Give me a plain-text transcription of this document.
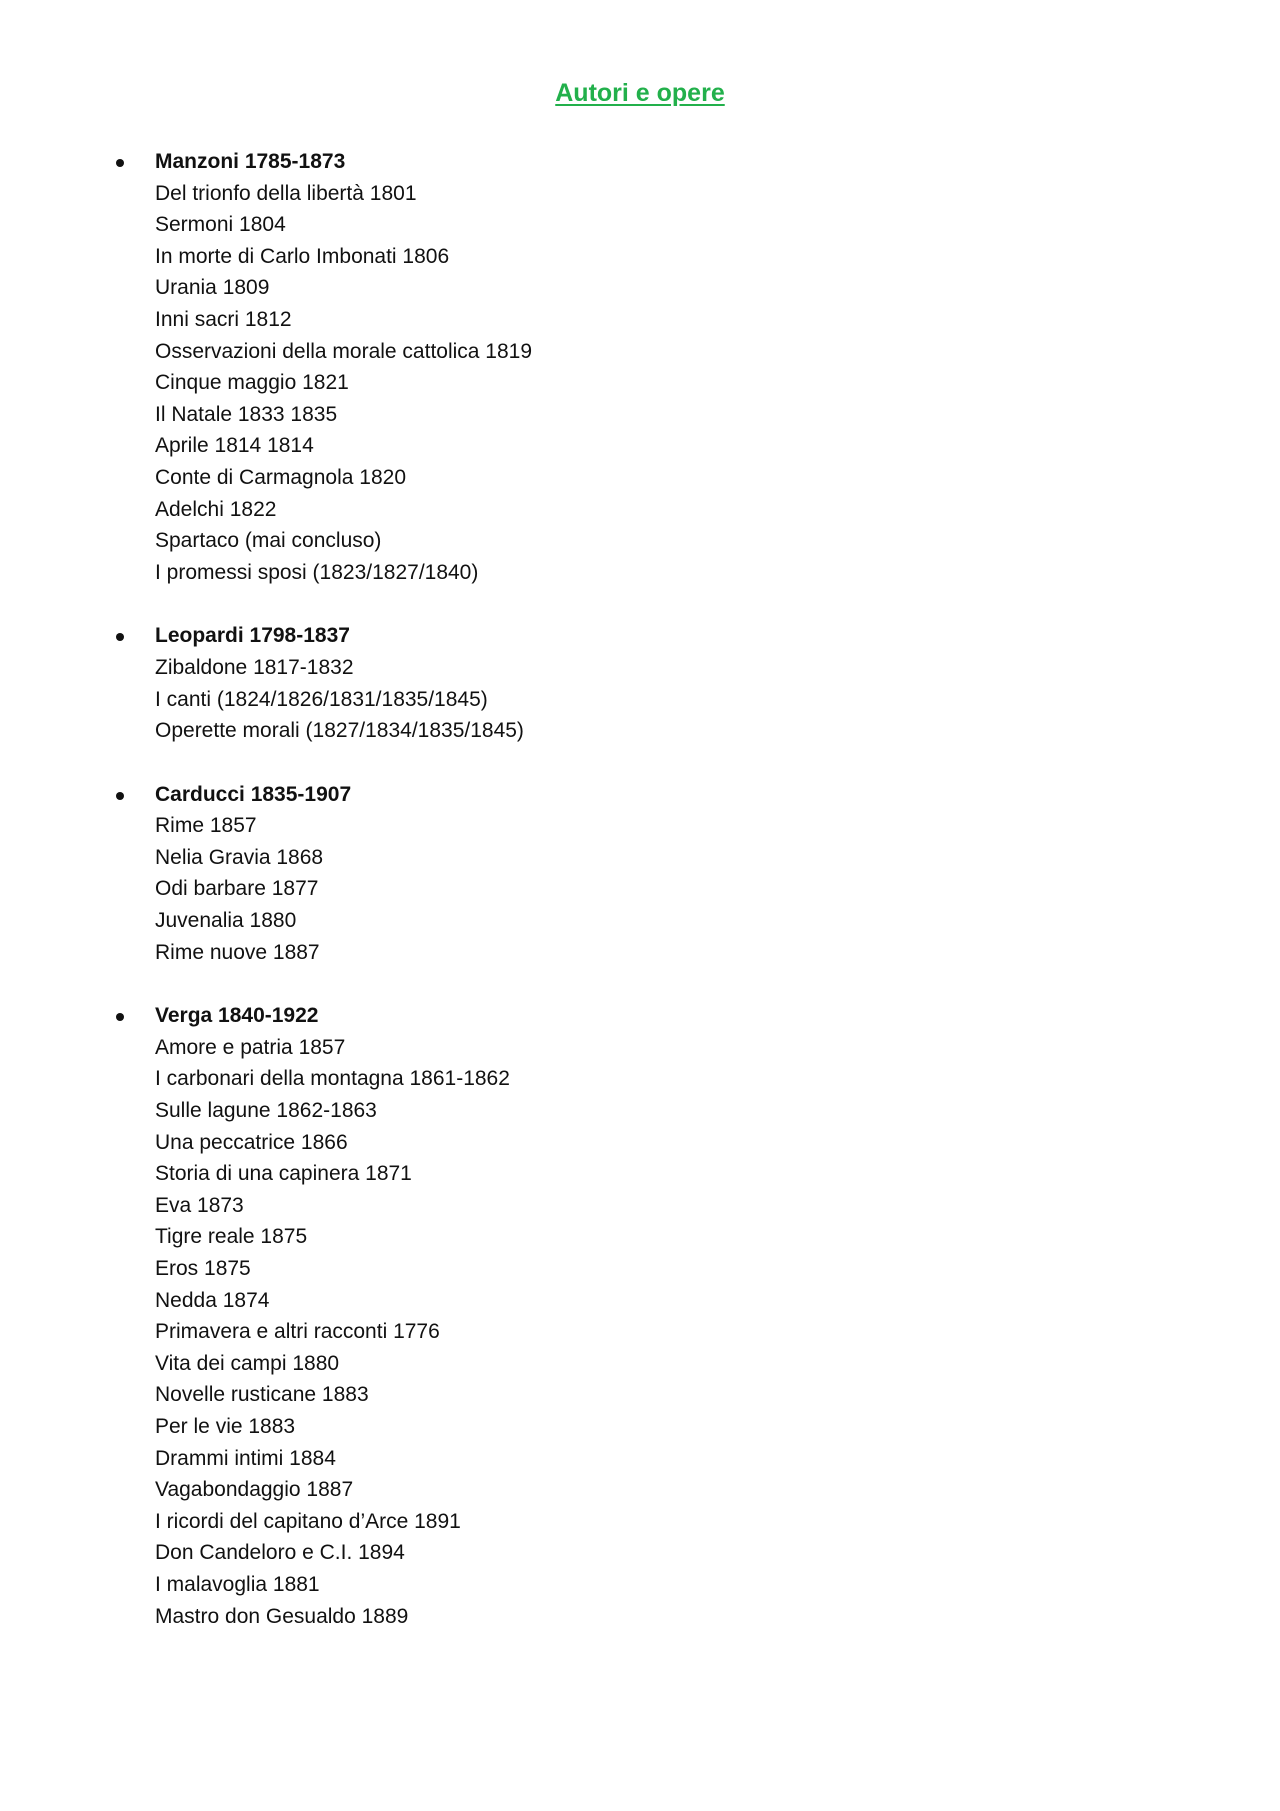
Autori e opere
Manzoni 1785-1873
Del trionfo della libertà 1801
Sermoni 1804
In morte di Carlo Imbonati 1806
Urania 1809
Inni sacri 1812
Osservazioni della morale cattolica 1819
Cinque maggio 1821
Il Natale 1833 1835
Aprile 1814 1814
Conte di Carmagnola 1820
Adelchi 1822
Spartaco (mai concluso)
I promessi sposi (1823/1827/1840)
Leopardi 1798-1837
Zibaldone 1817-1832
I canti (1824/1826/1831/1835/1845)
Operette morali (1827/1834/1835/1845)
Carducci 1835-1907
Rime 1857
Nelia Gravia 1868
Odi barbare 1877
Juvenalia 1880
Rime nuove 1887
Verga 1840-1922
Amore e patria 1857
I carbonari della montagna 1861-1862
Sulle lagune 1862-1863
Una peccatrice 1866
Storia di una capinera 1871
Eva 1873
Tigre reale 1875
Eros 1875
Nedda 1874
Primavera e altri racconti 1776
Vita dei campi 1880
Novelle rusticane 1883
Per le vie 1883
Drammi intimi 1884
Vagabondaggio 1887
I ricordi del capitano d’Arce 1891
Don Candeloro e C.I. 1894
I malavoglia 1881
Mastro don Gesualdo 1889
